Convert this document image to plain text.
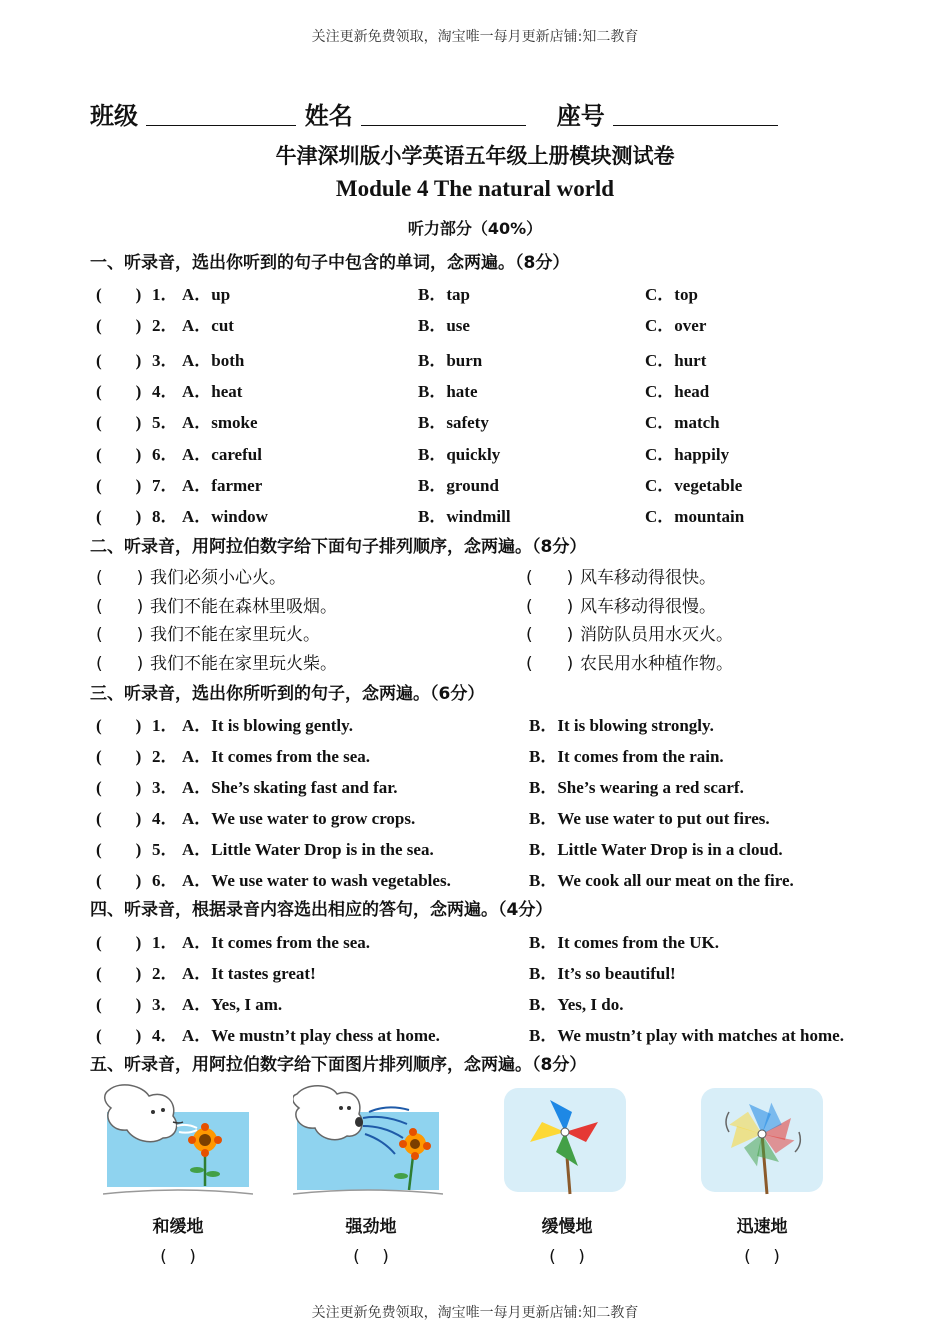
关注更新免费领取，淘宝唯一每月更新店铺:知二教育
班级	姓名	座号
牛津深圳版小学英语五年级上册模块测试卷
Module 4 The natural world
听力部分（40%）
一、听录音，选出你听到的句子中包含的单词，念两遍。（8分）
(　　) 1． A．up	B．tap	C．top
(　　) 2． A．cut	B．use	C．over
(　　) 3． A．both	B．burn	C．hurt
(　　) 4． A．heat	B．hate	C．head
(　　) 5． A．smoke	B．safety	C．match
(　　) 6． A．careful	B．quickly	C．happily
(　　) 7． A．farmer	B．ground	C．vegetable
(　　) 8． A．window	B．windmill	C．mountain
二、听录音，用阿拉伯数字给下面句子排列顺序，念两遍。（8分）
(　　) 我们必须小心火。	(　　) 风车移动得很快。
(　　) 我们不能在森林里吸烟。	(　　) 风车移动得很慢。
(　　) 我们不能在家里玩火。	(　　) 消防队员用水灭火。
(　　) 我们不能在家里玩火柴。	(　　) 农民用水种植作物。
三、听录音，选出你所听到的句子，念两遍。（6分）
(　　) 1． A．It is blowing gently.	B．It is blowing strongly.
(　　) 2． A．It comes from the sea.	B．It comes from the rain.
(　　) 3． A．She’s skating fast and far.	B．She’s wearing a red scarf.
(　　) 4． A．We use water to grow crops.	B．We use water to put out fires.
(　　) 5． A．Little Water Drop is in the sea.	B．Little Water Drop is in a cloud.
(　　) 6． A．We use water to wash vegetables.	B．We cook all our meat on the fire.
四、听录音，根据录音内容选出相应的答句，念两遍。（4分）
(　　) 1． A．It comes from the sea.	B．It comes from the UK.
(　　) 2． A．It tastes great!	B．It’s so beautiful!
(　　) 3． A．Yes, I am.	B．Yes, I do.
(　　) 4． A．We mustn’t play chess at home.	B．We mustn’t play with matches at home.
五、听录音，用阿拉伯数字给下面图片排列顺序，念两遍。（8分）
和缓地
(　 )
强劲地
(　 )
缓慢地
(　 )
迅速地
(　 )
关注更新免费领取，淘宝唯一每月更新店铺:知二教育
